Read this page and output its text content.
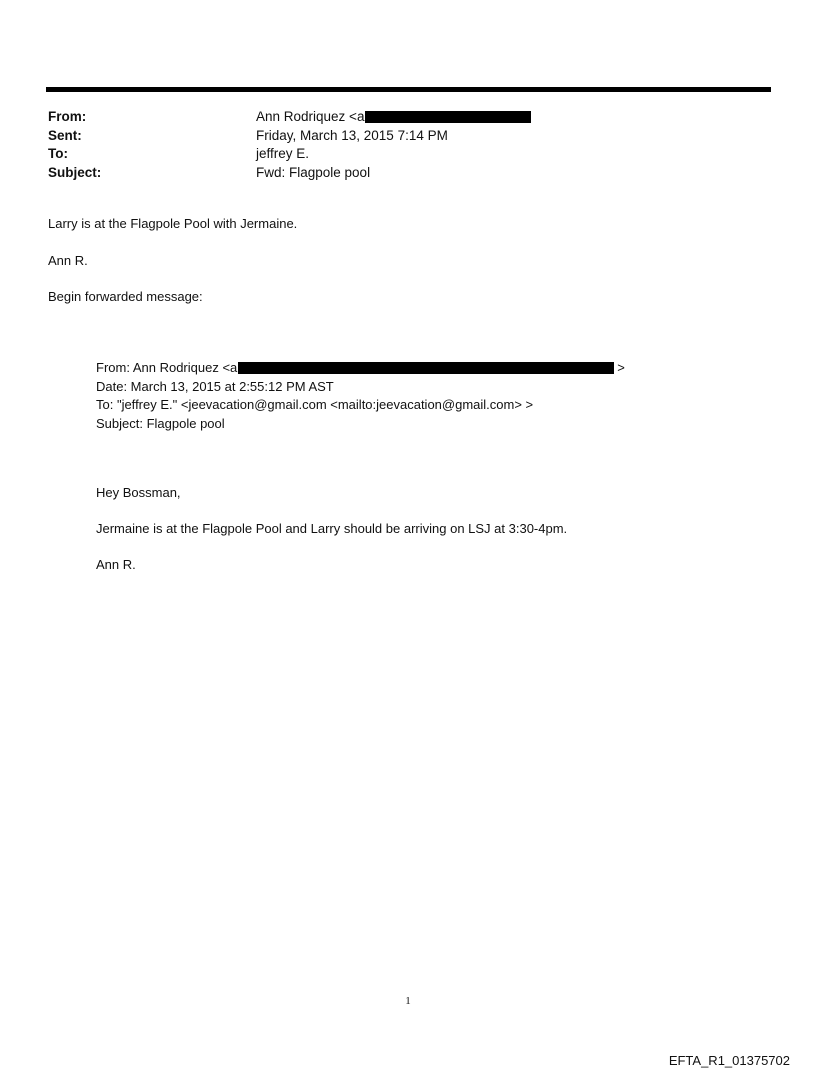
From:	Ann Rodriquez <a
Sent:	Friday, March 13, 2015 7:14 PM
To:	jeffrey E.
Subject:	Fwd: Flagpole pool
Larry is at the Flagpole Pool with Jermaine.
Ann R.
Begin forwarded message:
From: Ann Rodriquez <a	>
Date: March 13, 2015 at 2:55:12 PM AST
To: "jeffrey E." <jeevacation@gmail.com <mailto:jeevacation@gmail.com> >
Subject: Flagpole pool
Hey Bossman,
Jermaine is at the Flagpole Pool and Larry should be arriving on LSJ at 3:30-4pm.
Ann R.
1
EFTA_R1_01375702
